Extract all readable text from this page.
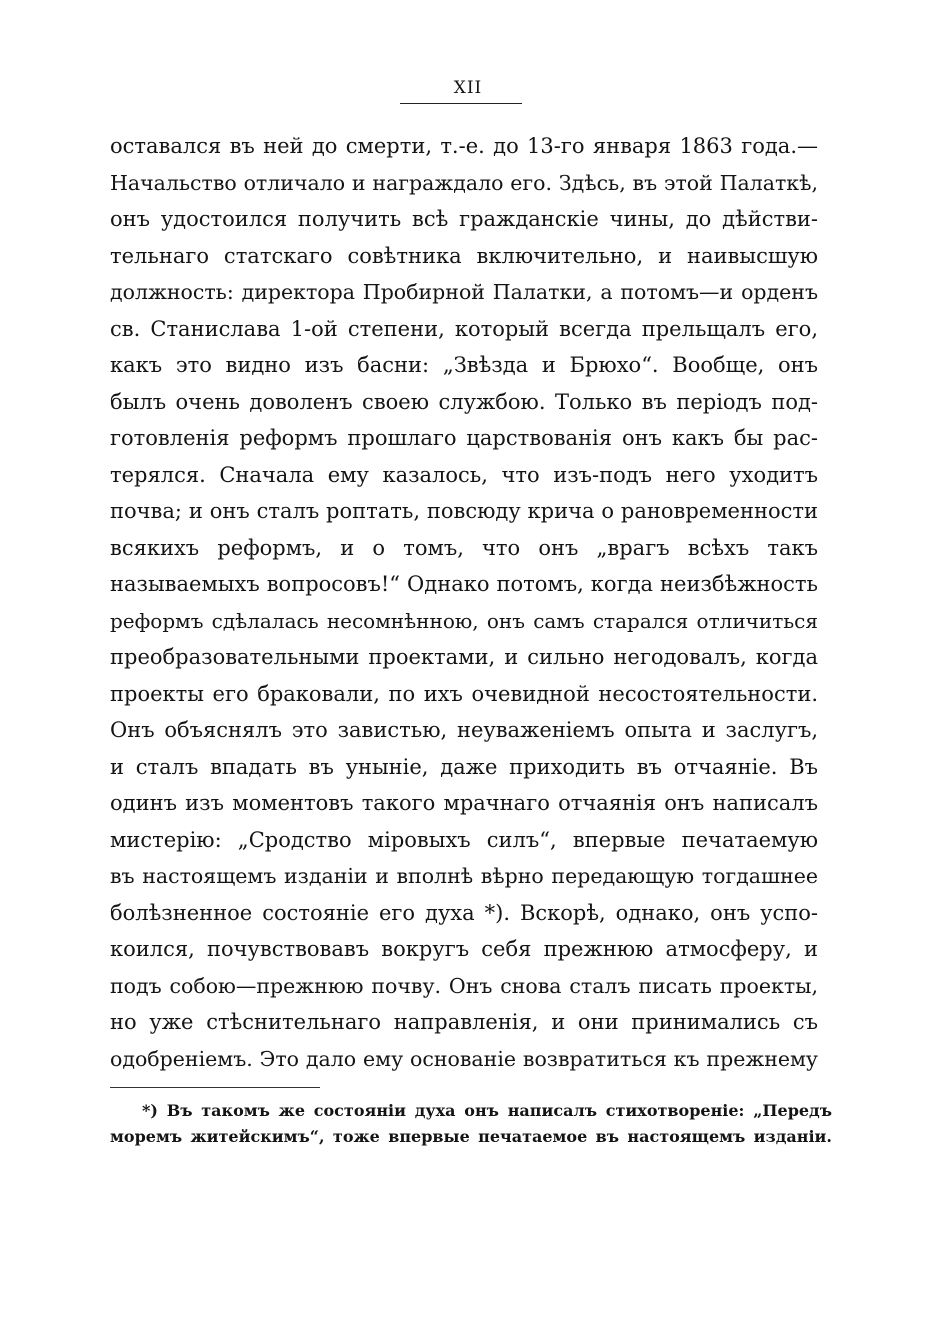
XII
оставался въ ней до смерти, т.-е. до 13-го января 1863 года.—
Начальство отличало и награждало его. Здѣсь, въ этой Палаткѣ,
онъ удостоился получить всѣ гражданскіе чины, до дѣйстви-
тельнаго статскаго совѣтника включительно, и наивысшую
должность: директора Пробирной Палатки, а потомъ—и орденъ
св. Станислава 1-ой степени, который всегда прельщалъ его,
какъ это видно изъ басни: „Звѣзда и Брюхо“. Вообще, онъ
былъ очень доволенъ своею службою. Только въ періодъ под-
готовленія реформъ прошлаго царствованія онъ какъ бы рас-
терялся. Сначала ему казалось, что изъ-подъ него уходитъ
почва; и онъ сталъ роптать, повсюду крича о рановременности
всякихъ реформъ, и о томъ, что онъ „врагъ всѣхъ такъ
называемыхъ вопросовъ!“ Однако потомъ, когда неизбѣжность
реформъ сдѣлалась несомнѣнною, онъ самъ старался отличиться
преобразовательными проектами, и сильно негодовалъ, когда
проекты его браковали, по ихъ очевидной несостоятельности.
Онъ объяснялъ это завистью, неуваженіемъ опыта и заслугъ,
и сталъ впадать въ уныніе, даже приходить въ отчаяніе. Въ
одинъ изъ моментовъ такого мрачнаго отчаянія онъ написалъ
мистерію: „Сродство міровыхъ силъ“, впервые печатаемую
въ настоящемъ изданіи и вполнѣ вѣрно передающую тогдашнее
болѣзненное состояніе его духа *). Вскорѣ, однако, онъ успо-
коился, почувствовавъ вокругъ себя прежнюю атмосферу, и
подъ собою—прежнюю почву. Онъ снова сталъ писать проекты,
но уже стѣснительнаго направленія, и они принимались съ
одобреніемъ. Это дало ему основаніе возвратиться къ прежнему
*) Въ такомъ же состояніи духа онъ написалъ стихотвореніе: „Передъ
моремъ житейскимъ“, тоже впервые печатаемое въ настоящемъ изданіи.
